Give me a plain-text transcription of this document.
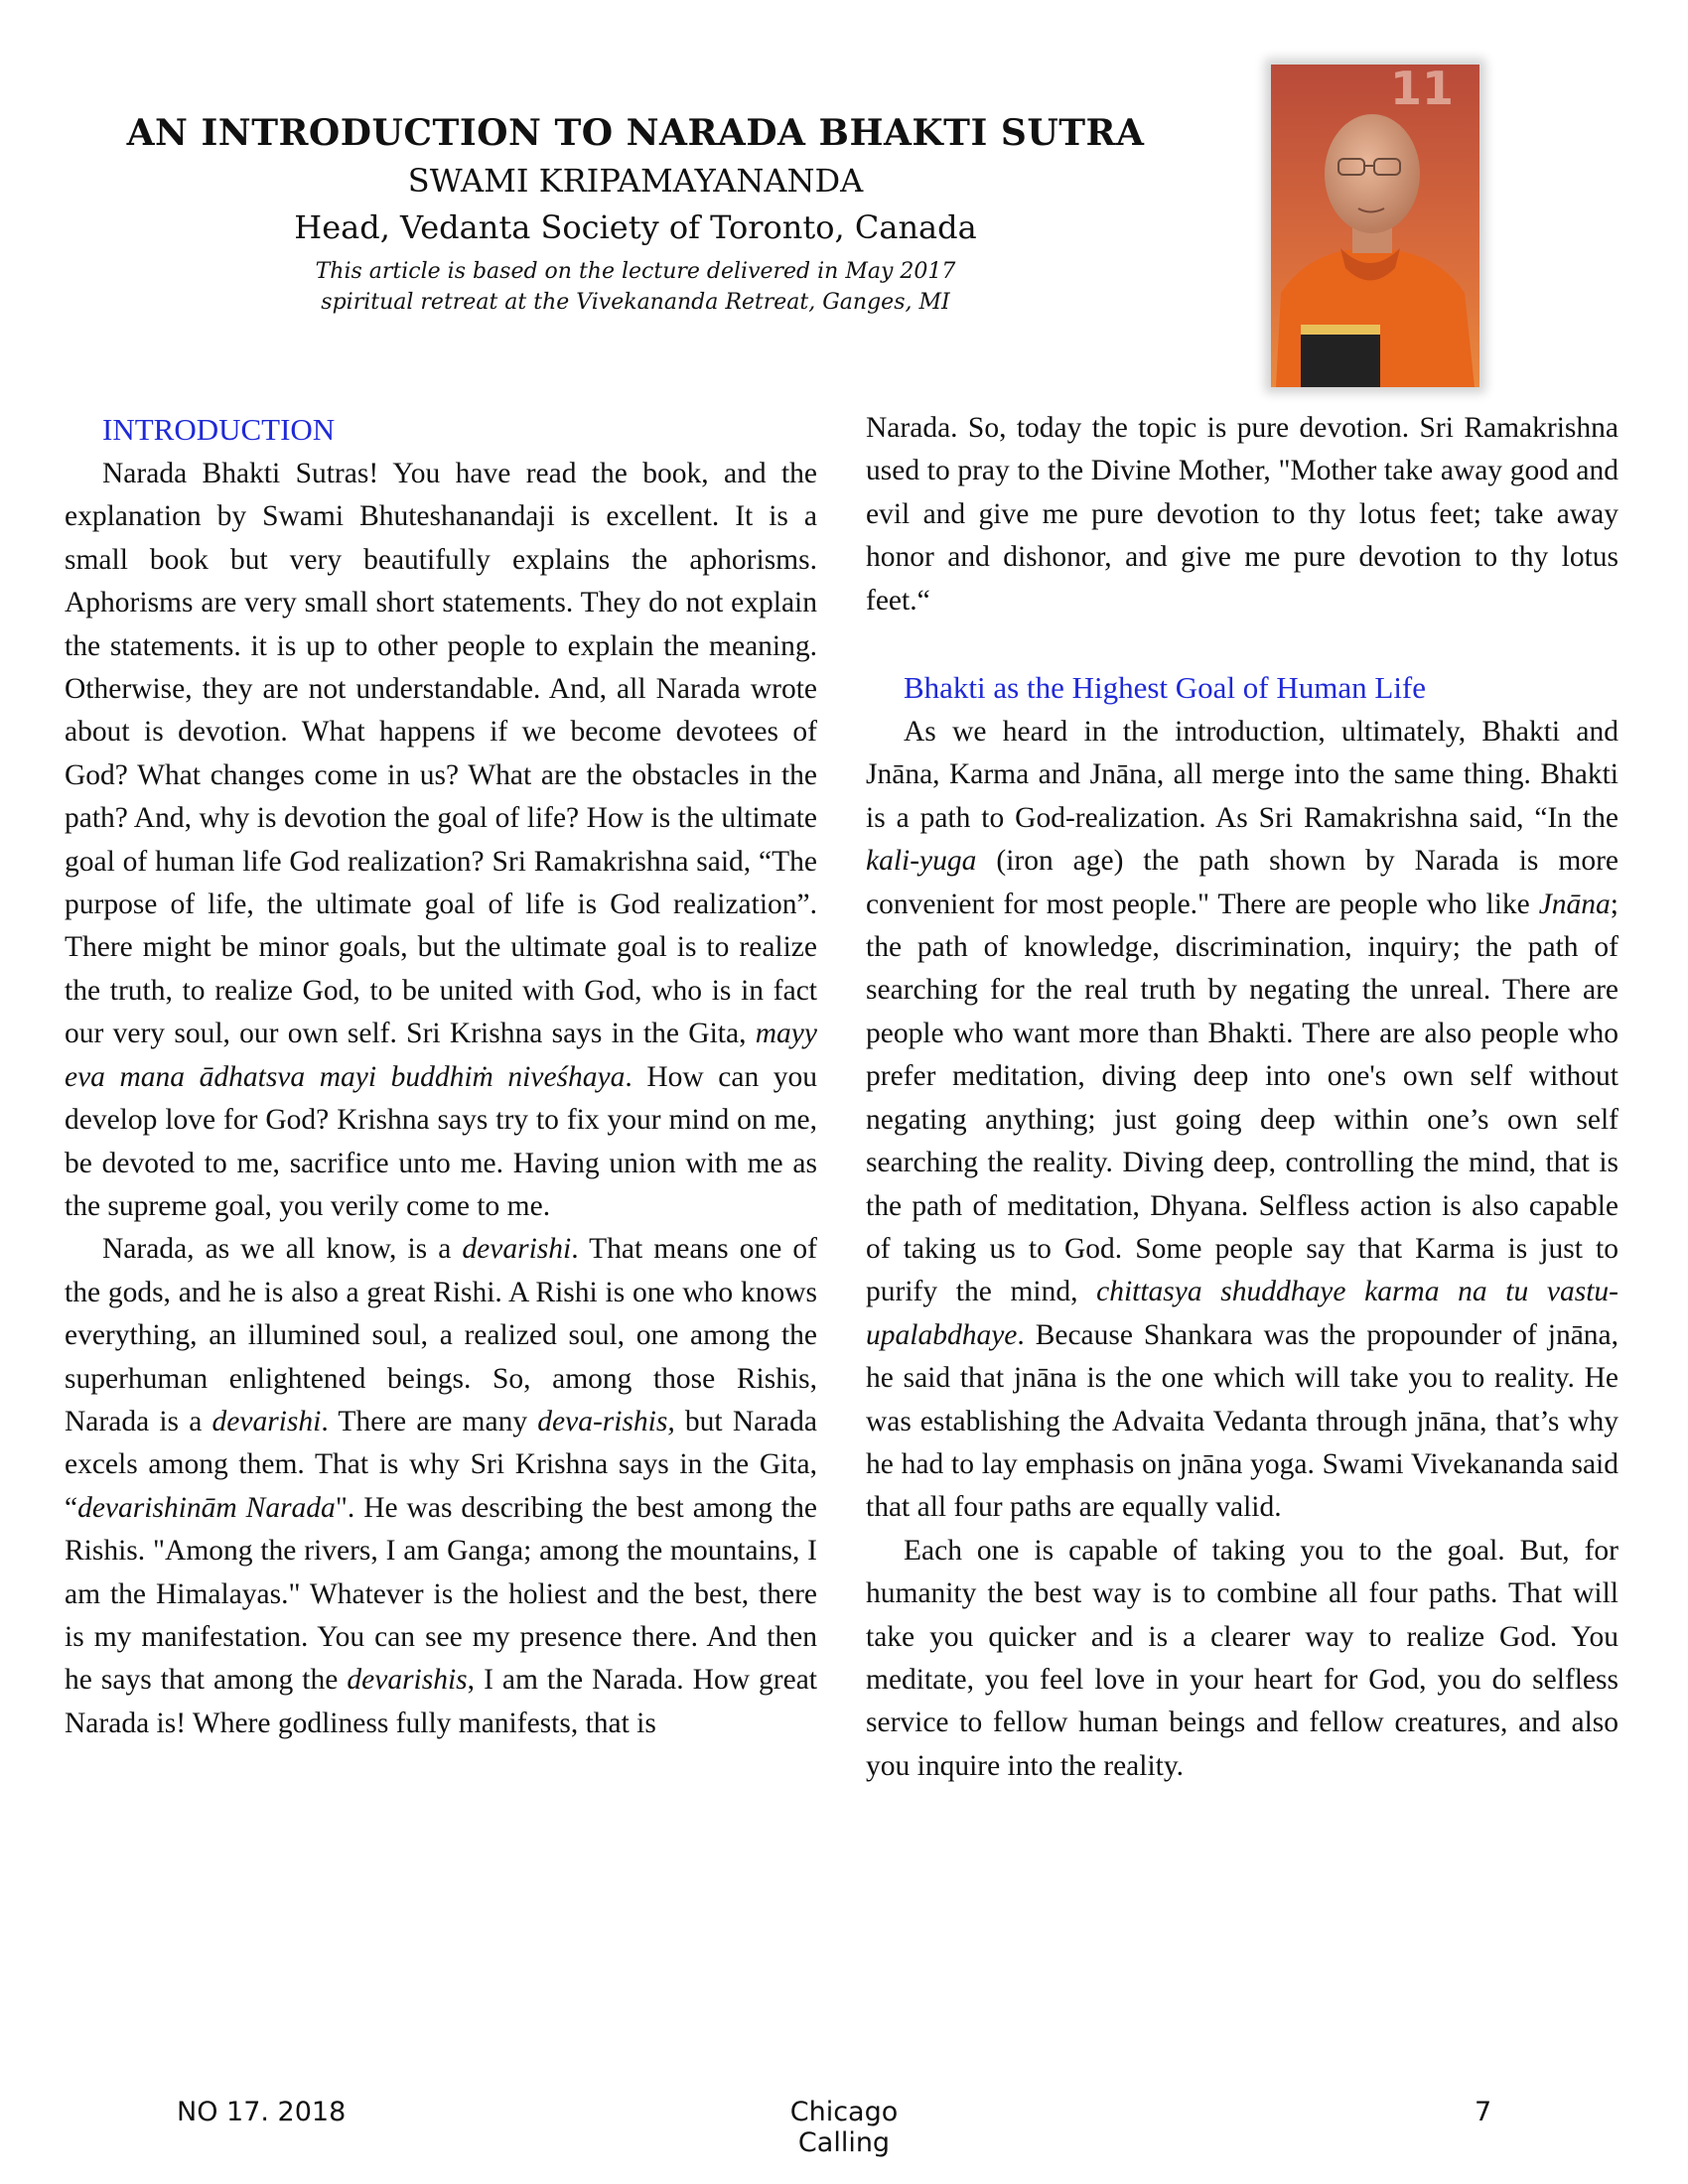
AN INTRODUCTION TO NARADA BHAKTI SUTRA
SWAMI KRIPAMAYANANDA
Head, Vedanta Society of Toronto, Canada
This article is based on the lecture delivered in May 2017
spiritual retreat at the Vivekananda Retreat, Ganges, MI
11
INTRODUCTION

Narada Bhakti Sutras! You have read the book, and the explanation by Swami Bhuteshanandaji is excellent. It is a small book but very beautifully explains the aphorisms. Aphorisms are very small short statements. They do not explain the statements. it is up to other people to explain the meaning. Otherwise, they are not understandable. And, all Narada wrote about is devotion. What happens if we become devotees of God? What changes come in us? What are the obstacles in the path? And, why is devotion the goal of life? How is the ultimate goal of human life God realization? Sri Ramakrishna said, “The purpose of life, the ultimate goal of life is God realization”. There might be minor goals, but the ultimate goal is to realize the truth, to realize God, to be united with God, who is in fact our very soul, our own self. Sri Krishna says in the Gita, mayy eva mana ādhatsva mayi buddhiṁ niveśhaya. How can you develop love for God? Krishna says try to fix your mind on me, be devoted to me, sacrifice unto me. Having union with me as the supreme goal, you verily come to me.

Narada, as we all know, is a devarishi. That means one of the gods, and he is also a great Rishi. A Rishi is one who knows everything, an illumined soul, a realized soul, one among the superhuman enlightened beings. So, among those Rishis, Narada is a devarishi. There are many deva-rishis, but Narada excels among them. That is why Sri Krishna says in the Gita, “devarishinām Narada". He was describing the best among the Rishis. "Among the rivers, I am Ganga; among the mountains, I am the Himalayas." Whatever is the holiest and the best, there is my manifestation. You can see my presence there. And then he says that among the devarishis, I am the Narada. How great Narada is! Where godliness fully manifests, that is

Narada. So, today the topic is pure devotion. Sri Ramakrishna used to pray to the Divine Mother, "Mother take away good and evil and give me pure devotion to thy lotus feet; take away honor and dishonor, and give me pure devotion to thy lotus feet.“

Bhakti as the Highest Goal of Human Life

As we heard in the introduction, ultimately, Bhakti and Jnāna, Karma and Jnāna, all merge into the same thing. Bhakti is a path to God-realization. As Sri Ramakrishna said, “In the kali-yuga (iron age) the path shown by Narada is more convenient for most people." There are people who like Jnāna; the path of knowledge, discrimination, inquiry; the path of searching for the real truth by negating the unreal. There are people who want more than Bhakti. There are also people who prefer meditation, diving deep into one's own self without negating anything; just going deep within one’s own self searching the reality. Diving deep, controlling the mind, that is the path of meditation, Dhyana. Selfless action is also capable of taking us to God. Some people say that Karma is just to purify the mind, chittasya shuddhaye karma na tu vastu-upalabdhaye. Because Shankara was the propounder of jnāna, he said that jnāna is the one which will take you to reality. He was establishing the Advaita Vedanta through jnāna, that’s why he had to lay emphasis on jnāna yoga. Swami Vivekananda said that all four paths are equally valid.

Each one is capable of taking you to the goal. But, for humanity the best way is to combine all four paths. That will take you quicker and is a clearer way to realize God. You meditate, you feel love in your heart for God, you do selfless service to fellow human beings and fellow creatures, and also you inquire into the reality.

NO 17. 2018	Chicago Calling
7
